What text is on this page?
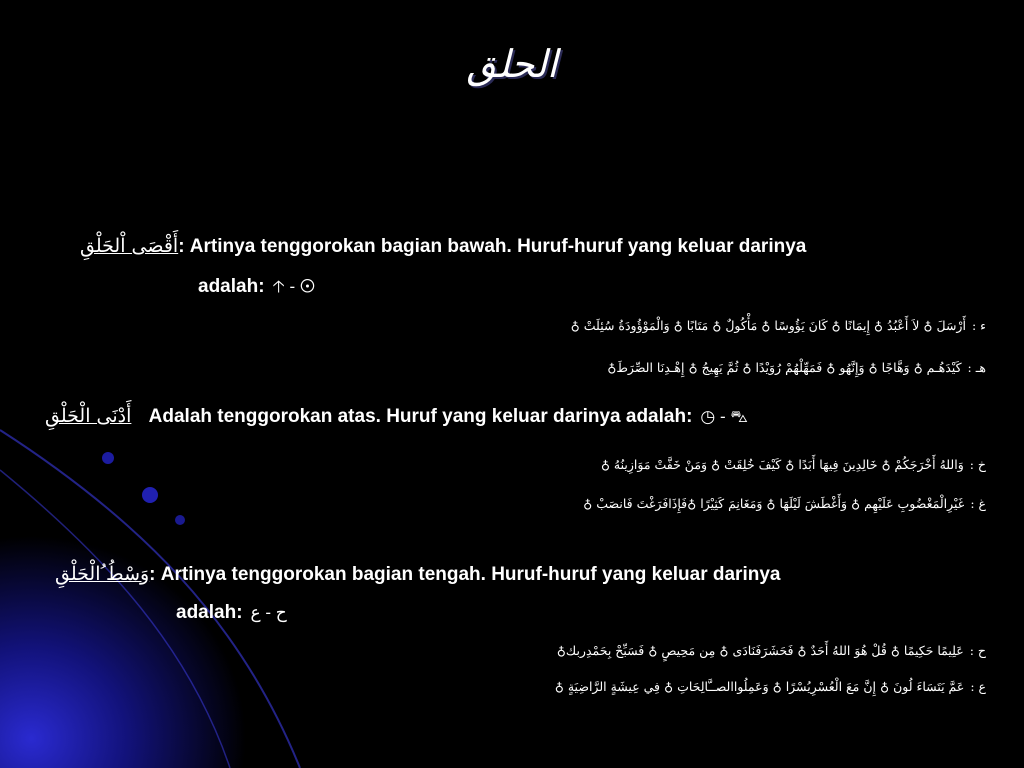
الحلق
أَقْصَى اْلحَلْقِ: Artinya tenggorokan bagian bawah. Huruf-huruf yang keluar darinya
adalah: 🡡 - ⊙
ء :أَرْسَلَ ♁ لاَ أَعْبُدُ ♁ إِيمَانًا ♁ كَانَ يَؤُوسًا ♁ مَأْكُولٌ ♁ مَتَابًا ♁ وَالْمَوْؤُودَةُ سُئِلَتْ ♁
هـ :كَيْدَهُـم ♁ وَهَّاجًا ♁ وَإِنَّهُو ♁ فَمَهِّلْهُمْ رُوَيْدًا ♁ ثُمَّ يَهِيجُ ♁ إِهْـدِنَا الصِّرَطَ♁
أَدْنَى الْحَلْقِ Adalah tenggorokan atas. Huruf yang keluar darinya adalah: ◷ - ⛍
خ :وَاللهُ أَخْرَجَكُمْ ♁ خَالِدِينَ فِيهَا أَبَدًا ♁ كَيْفَ خُلِقَتْ ♁ وَمَنْ خَفَّتْ مَوَازِينُهُ ♁
غ :غَيْرِالْمَغْضُوبِ عَلَيْهِم ♁ وَأَغْطَشَ لَيْلَهَا ♁ وَمَغَانِمَ كَثِيْرًا ♁فَإِذَافَرَغْتَ فَانصَبْ ♁
وَسْطُ ُالْحَلْقِ: Artinya tenggorokan bagian tengah. Huruf-huruf yang keluar darinya
adalah: ح - ع
ح :عَلِيمًا حَكِيمًا ♁ قُلْ هُوَ اللهُ أَحَدٌ ♁ فَحَشَرَفَنَادَى ♁ مِن مَحِيصٍ ♁ فَسَبِّحْ بِحَمْدِربك♁
ع :عَمَّ يَتَسَاءَ لُونَ ♁ إِنَّ مَعَ الْعُسْرِيُسْرًا ♁ وَعَمِلُواالصــَّالِحَاتِ ♁ فِي عِيشَةٍ الرَّاضِيَةٍ ♁
